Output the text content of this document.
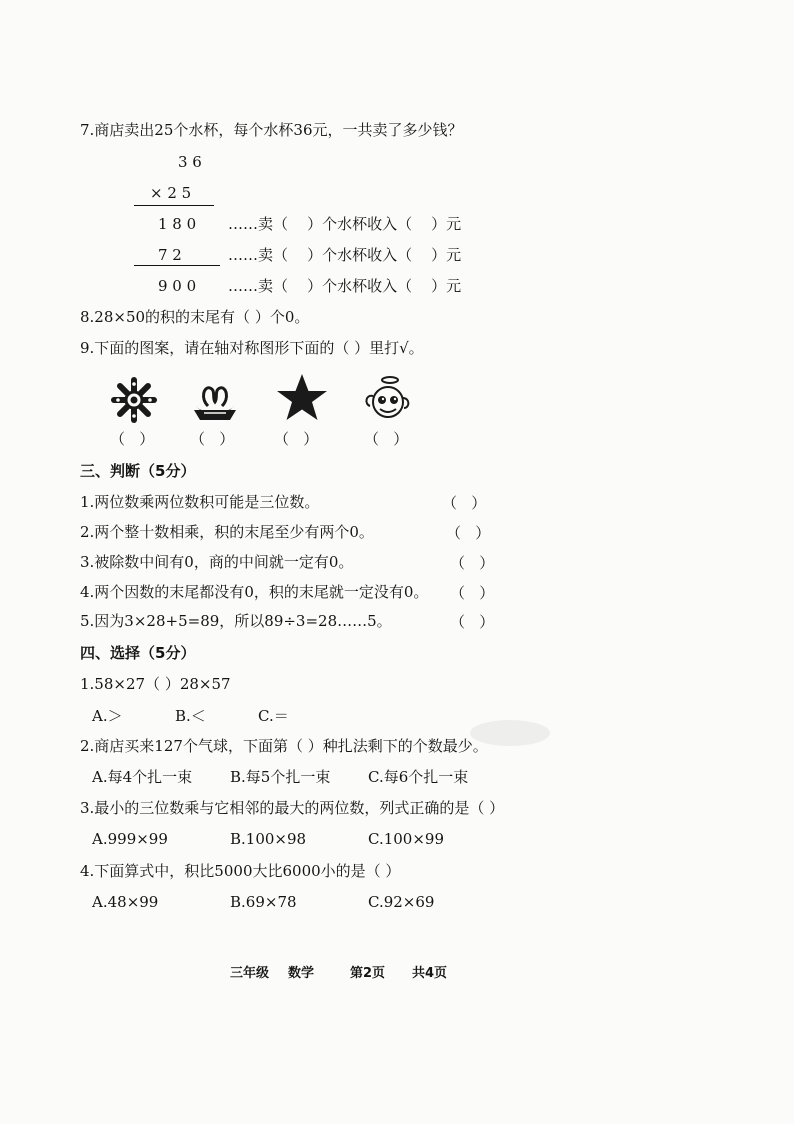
7.商店卖出25个水杯，每个水杯36元，一共卖了多少钱？
3 6
× 2 5
1 8 0 ……卖（    ）个水杯收入（    ）元
7 2	……卖（    ）个水杯收入（    ）元
9 0 0 ……卖（    ）个水杯收入（    ）元
8.28×50的积的末尾有（ ）个0。
9.下面的图案，请在轴对称图形下面的（ ）里打√。
（   ） （   ）	（   ）	（   ）
三、判断（5分）
1.两位数乘两位数积可能是三位数。	（   ）
2.两个整十数相乘，积的末尾至少有两个0。	（   ）
3.被除数中间有0，商的中间就一定有0。	（   ）
4.两个因数的末尾都没有0，积的末尾就一定没有0。 （   ）
5.因为3×28+5=89，所以89÷3=28……5。	（   ）
四、选择（5分）
1.58×27（ ）28×57
A.＞	B.＜	C.＝
2.商店买来127个气球，下面第（ ）种扎法剩下的个数最少。
A.每4个扎一束	B.每5个扎一束	C.每6个扎一束
3.最小的三位数乘与它相邻的最大的两位数，列式正确的是（ ）
A.999×99	B.100×98	C.100×99
4.下面算式中，积比5000大比6000小的是（ ）
A.48×99	B.69×78	C.92×69
三年级 数学	第2页 共4页
